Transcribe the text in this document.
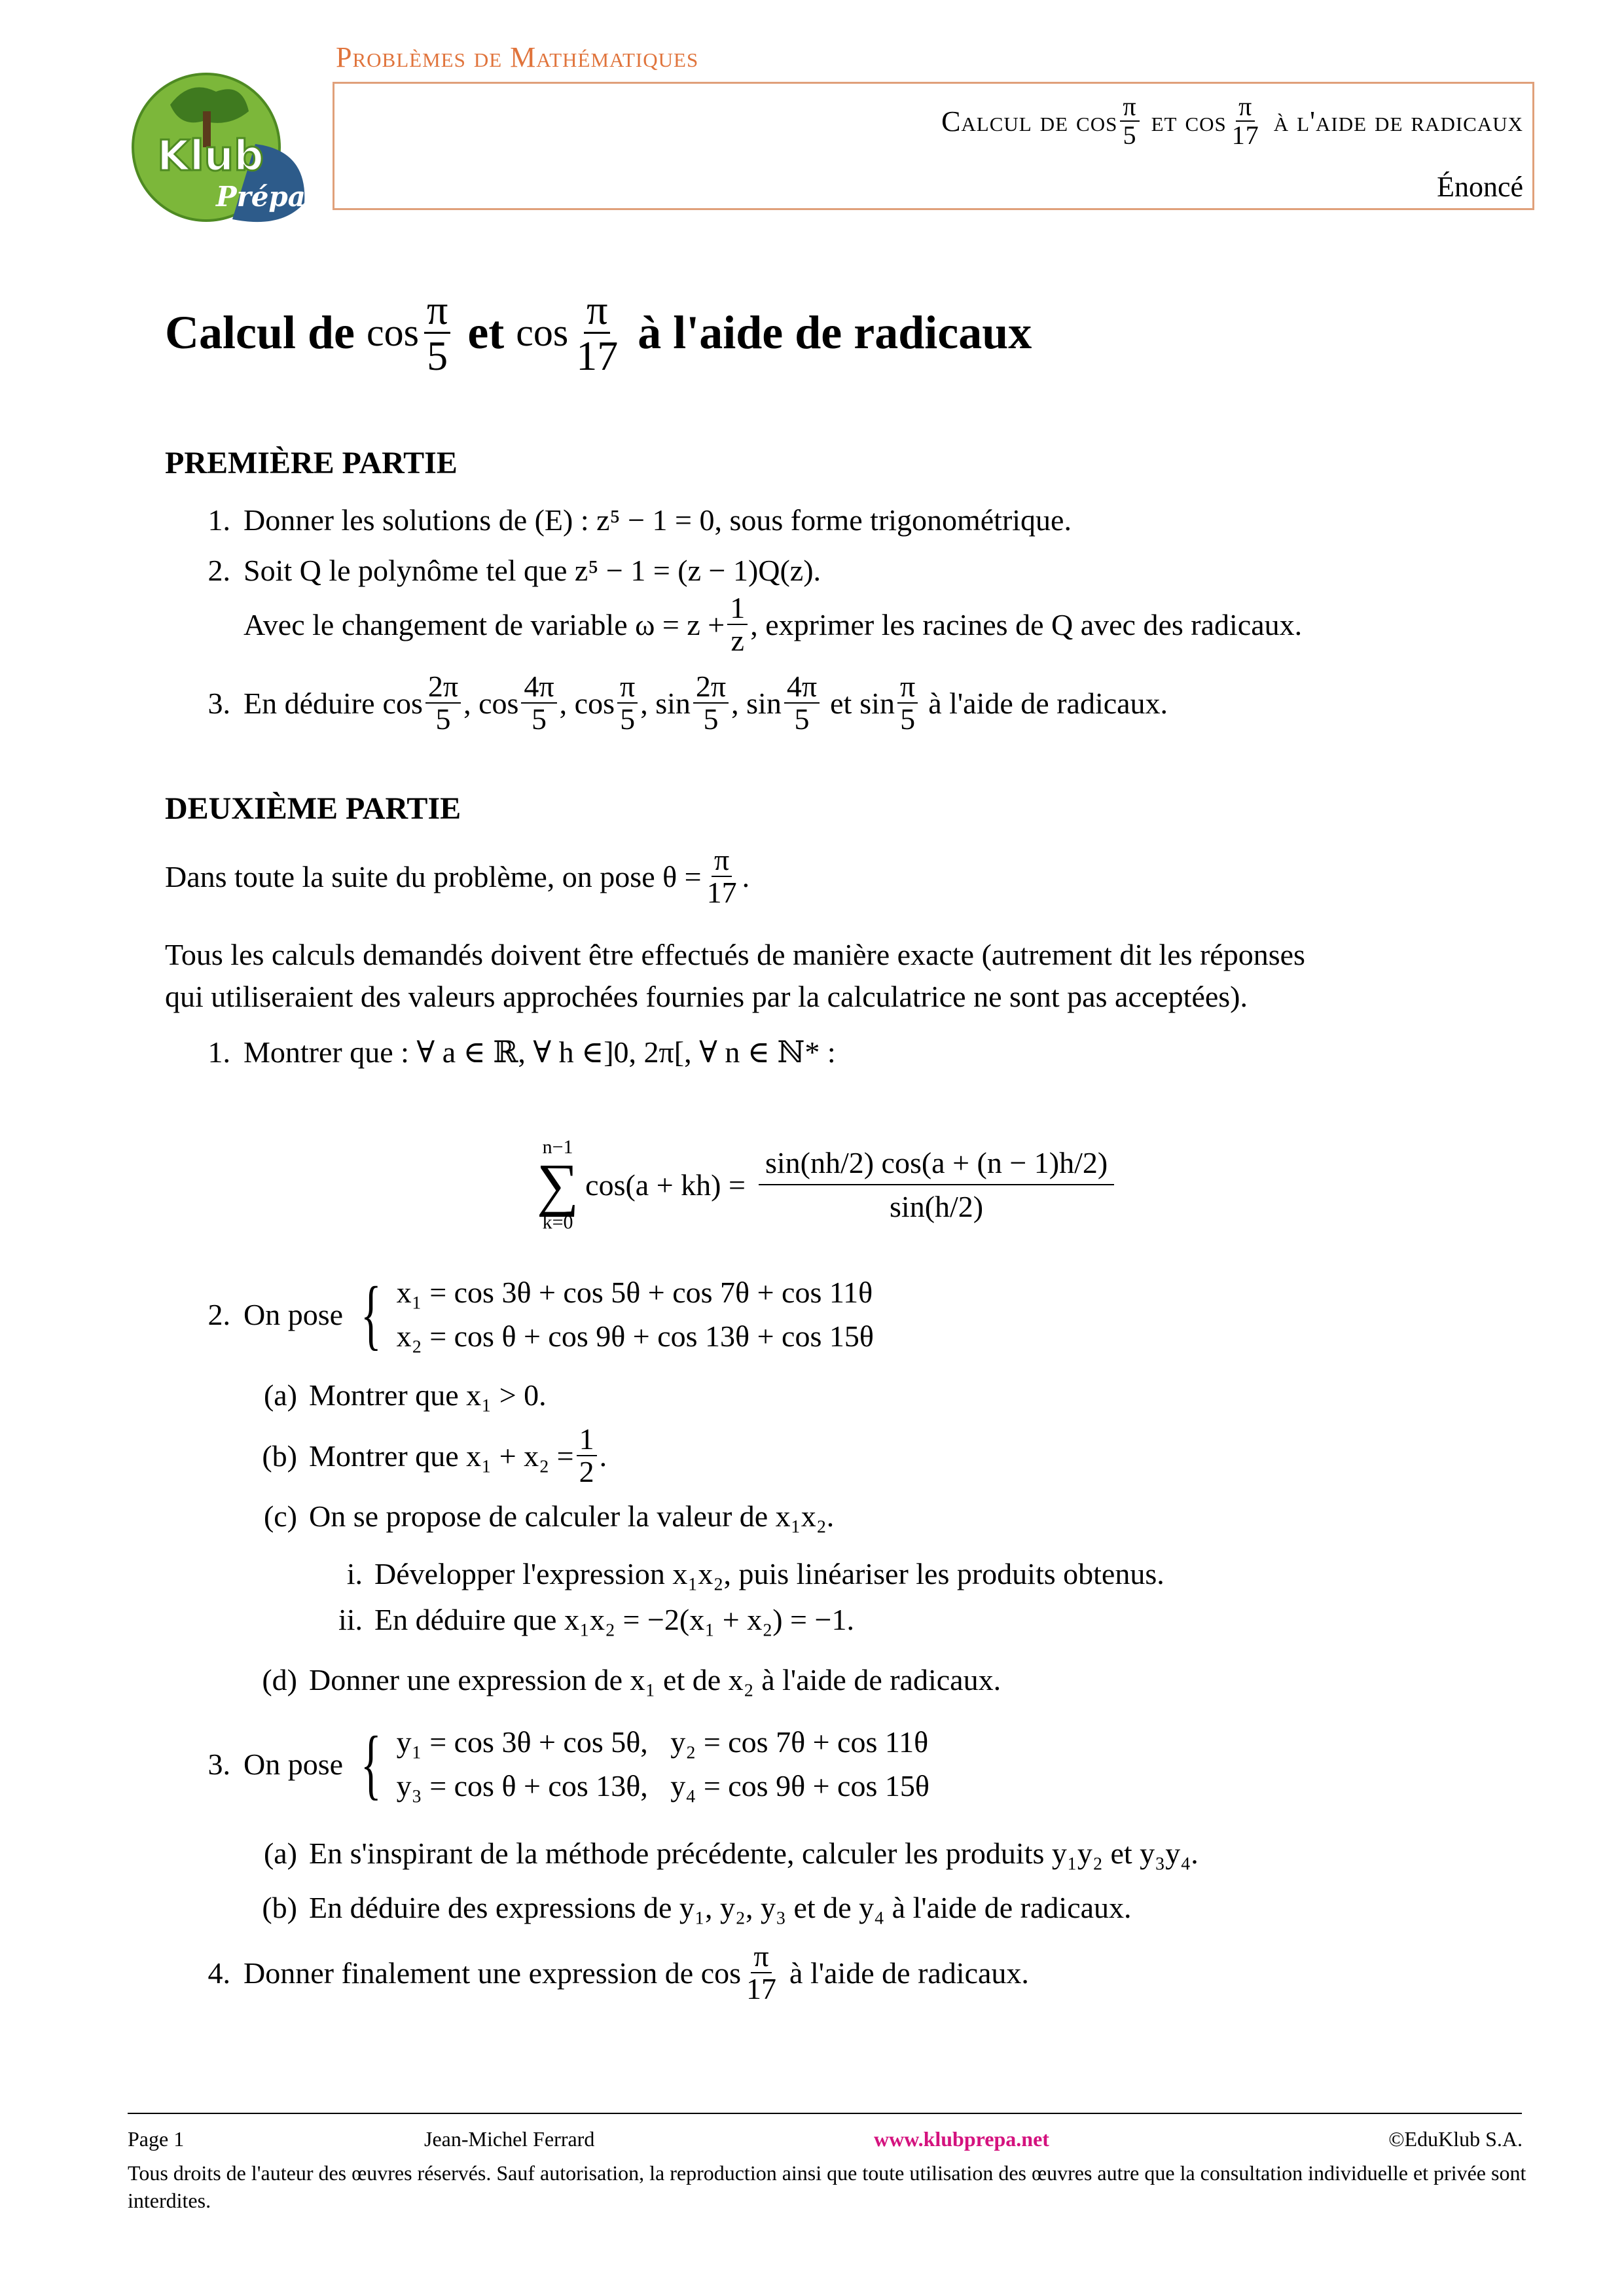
Problèmes de Mathématiques
Klub
Prépa
Calcul de $\cos \frac{\pi}{5}$ et $\cos \frac{\pi}{17}$ à l'aide de radicaux
Énoncé
Calcul de $\cos \frac{\pi}{5}$ et $\cos \frac{\pi}{17}$ à l'aide de radicaux
PREMIÈRE PARTIE
1. Donner les solutions de (E) : z⁵ − 1 = 0, sous forme trigonométrique.
2. Soit Q le polynôme tel que z⁵ − 1 = (z − 1)Q(z).
Avec le changement de variable $\omega = z + \frac{1}{z}$ , exprimer les racines de Q avec des radicaux.
3. En déduire $\cos \frac{2\pi}{5}$ , $\cos \frac{4\pi}{5}$ , $\cos \frac{\pi}{5}$ , $\sin \frac{2\pi}{5}$ , $\sin \frac{4\pi}{5}$ et $\sin \frac{\pi}{5}$ à l'aide de radicaux.
DEUXIÈME PARTIE
Dans toute la suite du problème, on pose $\theta = \frac{\pi}{17}$ .
Tous les calculs demandés doivent être effectués de manière exacte (autrement dit les réponses
qui utiliseraient des valeurs approchées fournies par la calculatrice ne sont pas acceptées).
1. Montrer que : ∀ a ∈ ℝ, ∀ h ∈]0, 2π[, ∀ n ∈ ℕ* :
n−1
∑
k=0
$\cos(a + kh) = \frac{\sin(nh/2) \cos(a + (n - 1)h/2)}{\sin(h/2)}$
2. On pose { x₁ = cos 3θ + cos 5θ + cos 7θ + cos 11θ
x₂ = cos θ + cos 9θ + cos 13θ + cos 15θ
(a) Montrer que x₁ > 0.
(b) Montrer que $x_1 + x_2 = \frac{1}{2}$ .
(c) On se propose de calculer la valeur de x₁x₂.
i. Développer l'expression x₁x₂, puis linéariser les produits obtenus.
ii. En déduire que x₁x₂ = −2(x₁ + x₂) = −1.
(d) Donner une expression de x₁ et de x₂ à l'aide de radicaux.
3. On pose { y₁ = cos 3θ + cos 5θ,   y₂ = cos 7θ + cos 11θ
y₃ = cos θ + cos 13θ,   y₄ = cos 9θ + cos 15θ
(a) En s'inspirant de la méthode précédente, calculer les produits y₁y₂ et y₃y₄.
(b) En déduire des expressions de y₁, y₂, y₃ et de y₄ à l'aide de radicaux.
4. Donner finalement une expression de $\cos \frac{\pi}{17}$ à l'aide de radicaux.
Page 1	Jean-Michel Ferrard	www.klubprepa.net	©EduKlub S.A.
Tous droits de l'auteur des œuvres réservés. Sauf autorisation, la reproduction ainsi que toute utilisation des œuvres autre que la consultation individuelle et privée sont interdites.
